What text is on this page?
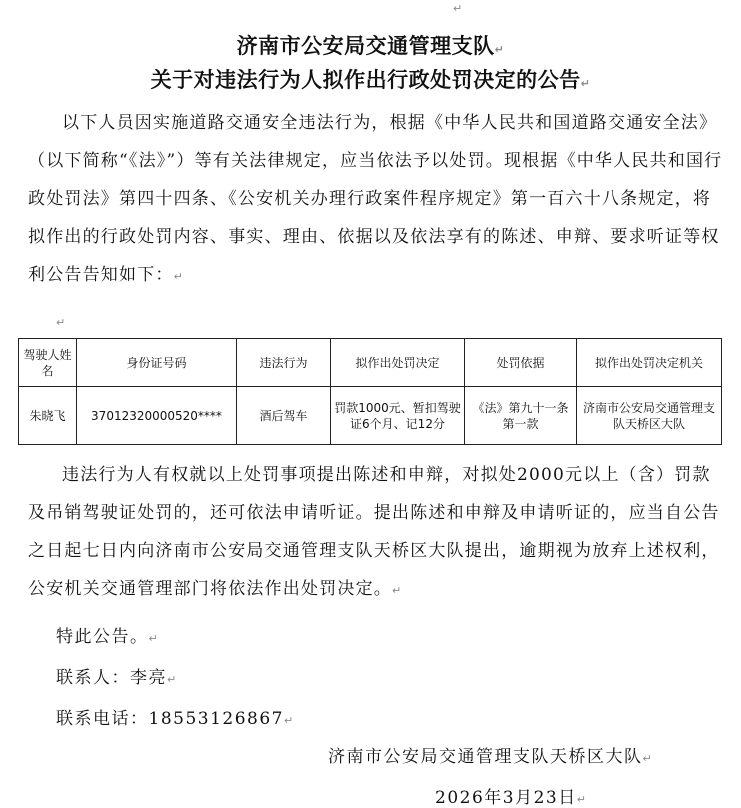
↵
济南市公安局交通管理支队↵
关于对违法行为人拟作出行政处罚决定的公告↵
以下人员因实施道路交通安全违法行为，根据《中华人民共和国道路交通安全法》（以下简称“《法》”）等有关法律规定，应当依法予以处罚。现根据《中华人民共和国行政处罚法》第四十四条、《公安机关办理行政案件程序规定》第一百六十八条规定，将拟作出的行政处罚内容、事实、理由、依据以及依法享有的陈述、申辩、要求听证等权利公告告知如下：↵
↵
驾驶人姓名	身份证号码	违法行为	拟作出处罚决定	处罚依据	拟作出处罚决定机关
朱晓飞	37012320000520****	酒后驾车	罚款1000元、暂扣驾驶证6个月、记12分	《法》第九十一条第一款	济南市公安局交通管理支队天桥区大队
违法行为人有权就以上处罚事项提出陈述和申辩，对拟处2000元以上（含）罚款及吊销驾驶证处罚的，还可依法申请听证。提出陈述和申辩及申请听证的，应当自公告之日起七日内向济南市公安局交通管理支队天桥区大队提出，逾期视为放弃上述权利，公安机关交通管理部门将依法作出处罚决定。↵
特此公告。↵
联系人：李亮↵
联系电话：18553126867↵
济南市公安局交通管理支队天桥区大队↵
2026年3月23日↵
